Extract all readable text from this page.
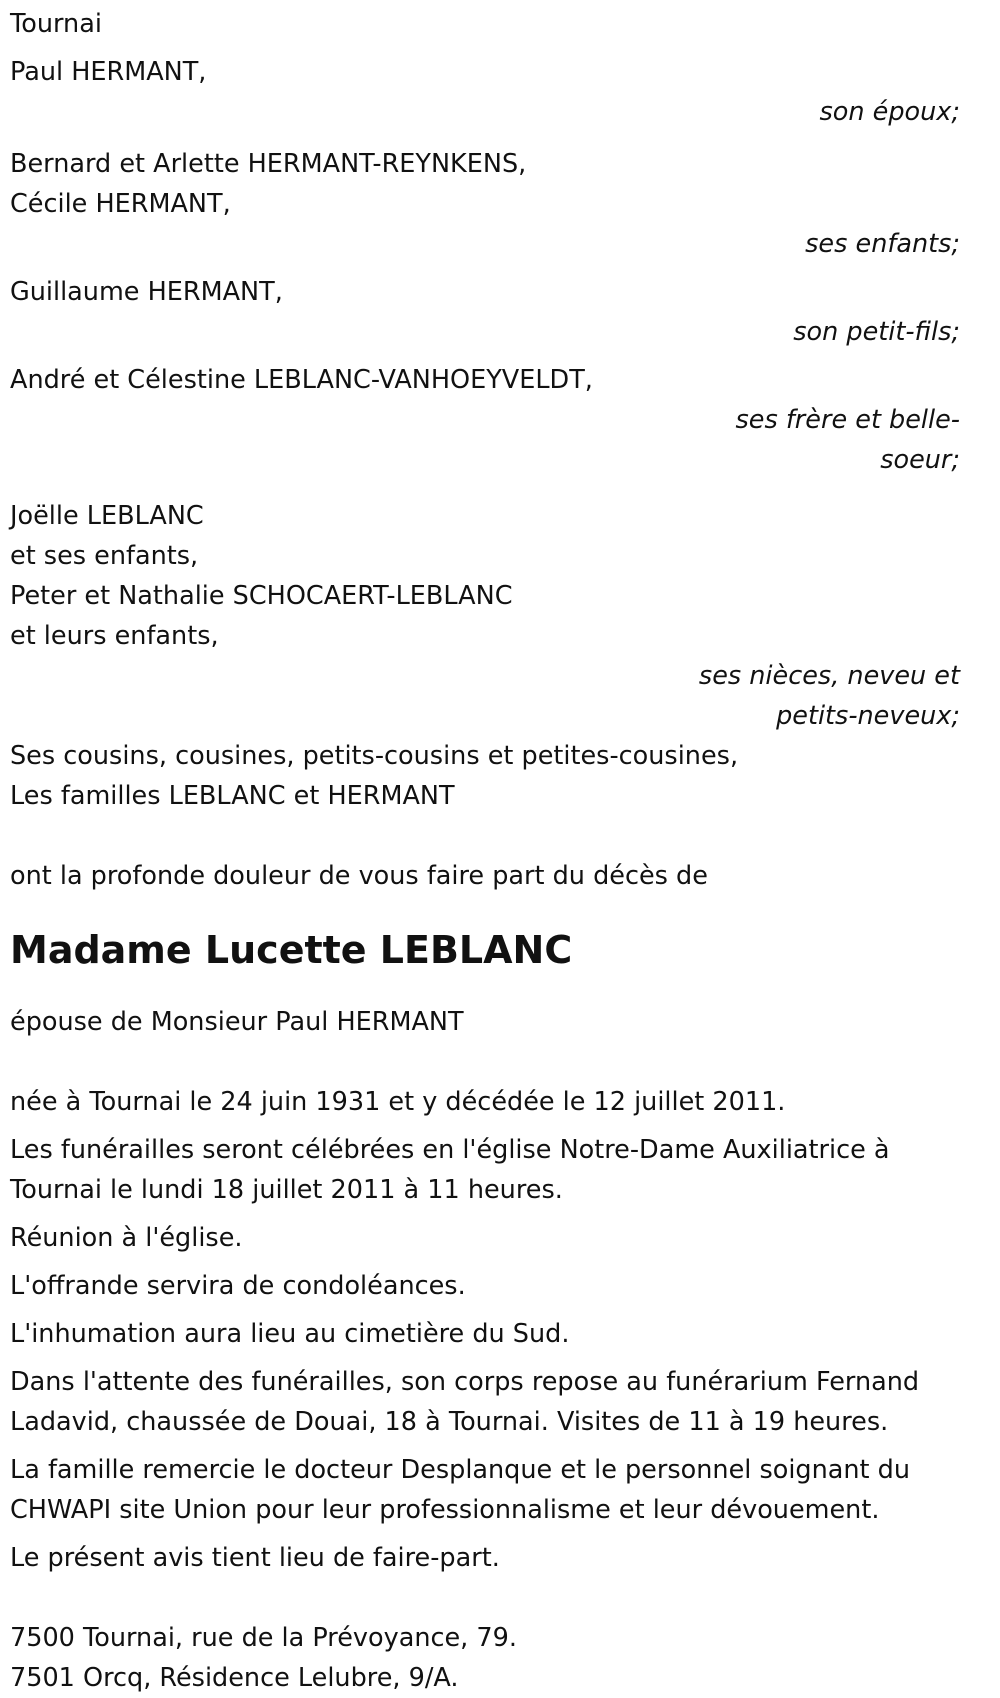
Tournai
Paul HERMANT,
son époux;
Bernard et Arlette HERMANT-REYNKENS,
Cécile HERMANT,
ses enfants;
Guillaume HERMANT,
son petit-fils;
André et Célestine LEBLANC-VANHOEYVELDT,
ses frère et belle-
soeur;
Joëlle LEBLANC
et ses enfants,
Peter et Nathalie SCHOCAERT-LEBLANC
et leurs enfants,
ses nièces, neveu et
petits-neveux;
Ses cousins, cousines, petits-cousins et petites-cousines,
Les familles LEBLANC et HERMANT
ont la profonde douleur de vous faire part du décès de
Madame Lucette LEBLANC
épouse de Monsieur Paul HERMANT
née à Tournai le 24 juin 1931 et y décédée le 12 juillet 2011.
Les funérailles seront célébrées en l'église Notre-Dame Auxiliatrice à Tournai le lundi 18 juillet 2011 à 11 heures.
Réunion à l'église.
L'offrande servira de condoléances.
L'inhumation aura lieu au cimetière du Sud.
Dans l'attente des funérailles, son corps repose au funérarium Fernand Ladavid, chaussée de Douai, 18 à Tournai. Visites de 11 à 19 heures.
La famille remercie le docteur Desplanque et le personnel soignant du CHWAPI site Union pour leur professionnalisme et leur dévouement.
Le présent avis tient lieu de faire-part.
7500 Tournai, rue de la Prévoyance, 79.
7501 Orcq, Résidence Lelubre, 9/A.
